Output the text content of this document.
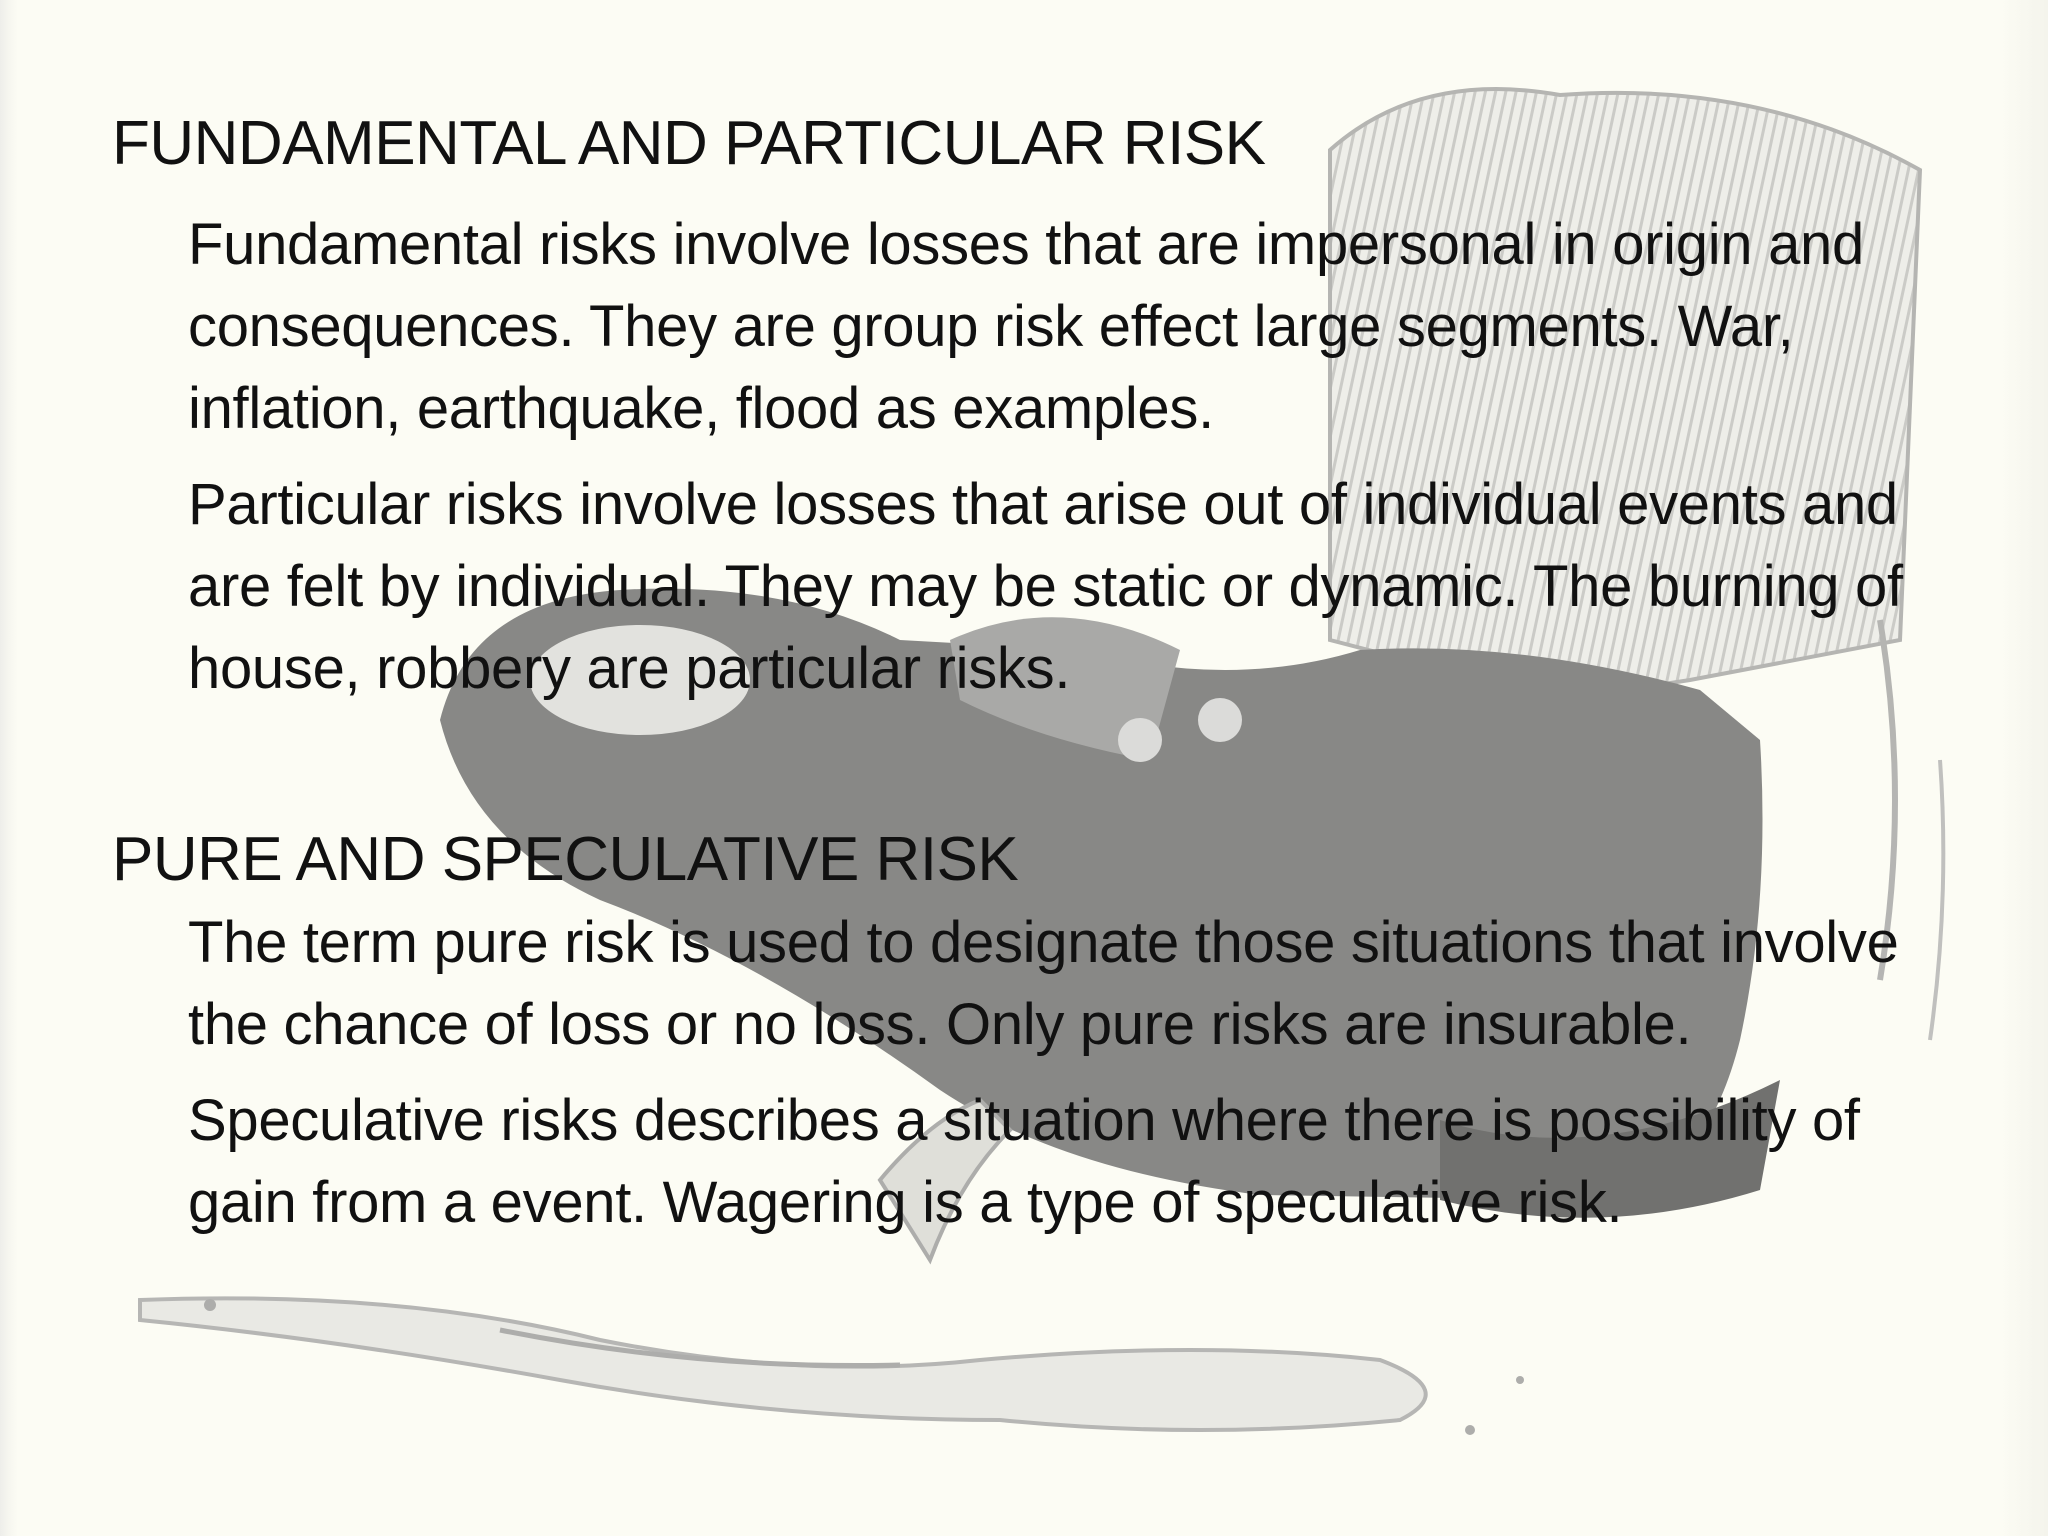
FUNDAMENTAL AND PARTICULAR RISK

Fundamental risks involve losses that are impersonal in origin and consequences. They are group risk effect large segments. War, inflation, earthquake, flood as examples.

Particular risks involve losses that arise out of individual events and are felt by individual. They may be static or dynamic. The burning of house, robbery are particular risks.

PURE AND SPECULATIVE RISK

The term pure risk is used to designate those situations that involve the chance of loss or no loss. Only pure risks are insurable.

Speculative risks describes a situation where there is possibility of gain from a event. Wagering is a type of speculative risk.
